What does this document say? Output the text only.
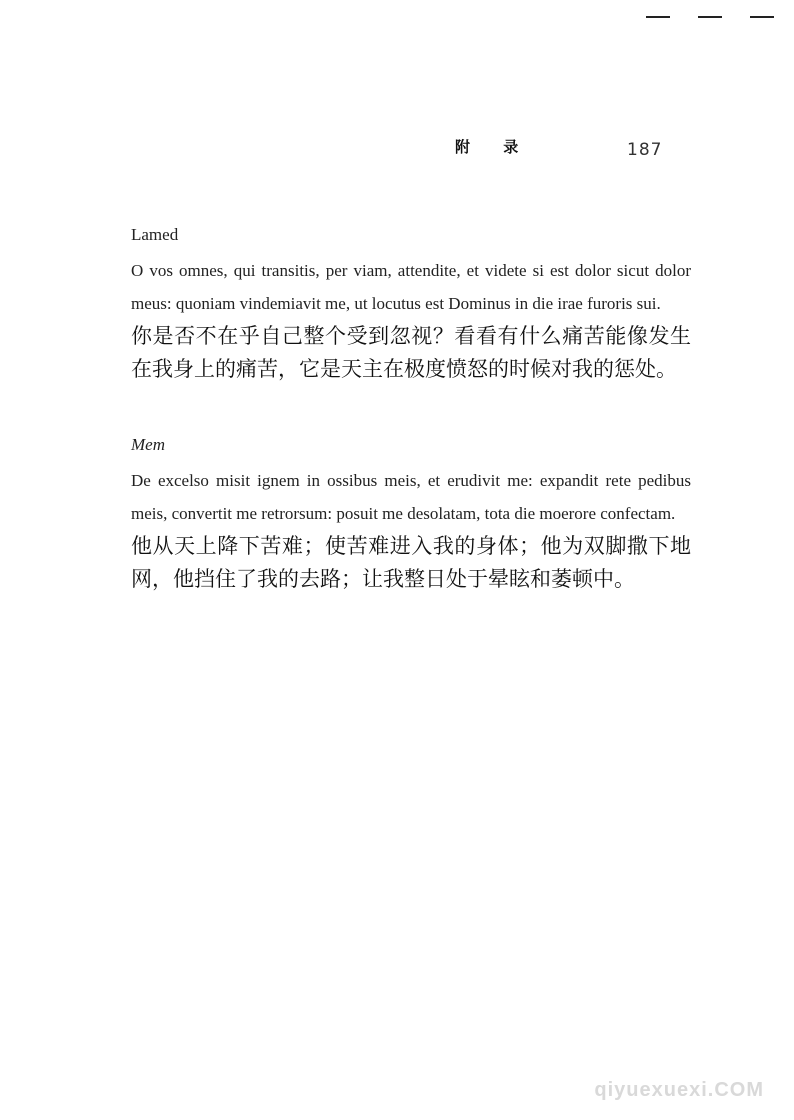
附 录	187

Lamed

O vos omnes, qui transitis, per viam, attendite, et videte si est dolor sicut dolor meus: quoniam vindemiavit me, ut locutus est Dominus in die irae furoris sui.

你是否不在乎自己整个受到忽视？看看有什么痛苦能像发生在我身上的痛苦，它是天主在极度愤怒的时候对我的惩处。

Mem

De excelso misit ignem in ossibus meis, et erudivit me: expandit rete pedibus meis, convertit me retrorsum: posuit me desolatam, tota die moerore confectam.

他从天上降下苦难；使苦难进入我的身体；他为双脚撒下地网，他挡住了我的去路；让我整日处于晕眩和萎顿中。

qiyuexuexi.COM
